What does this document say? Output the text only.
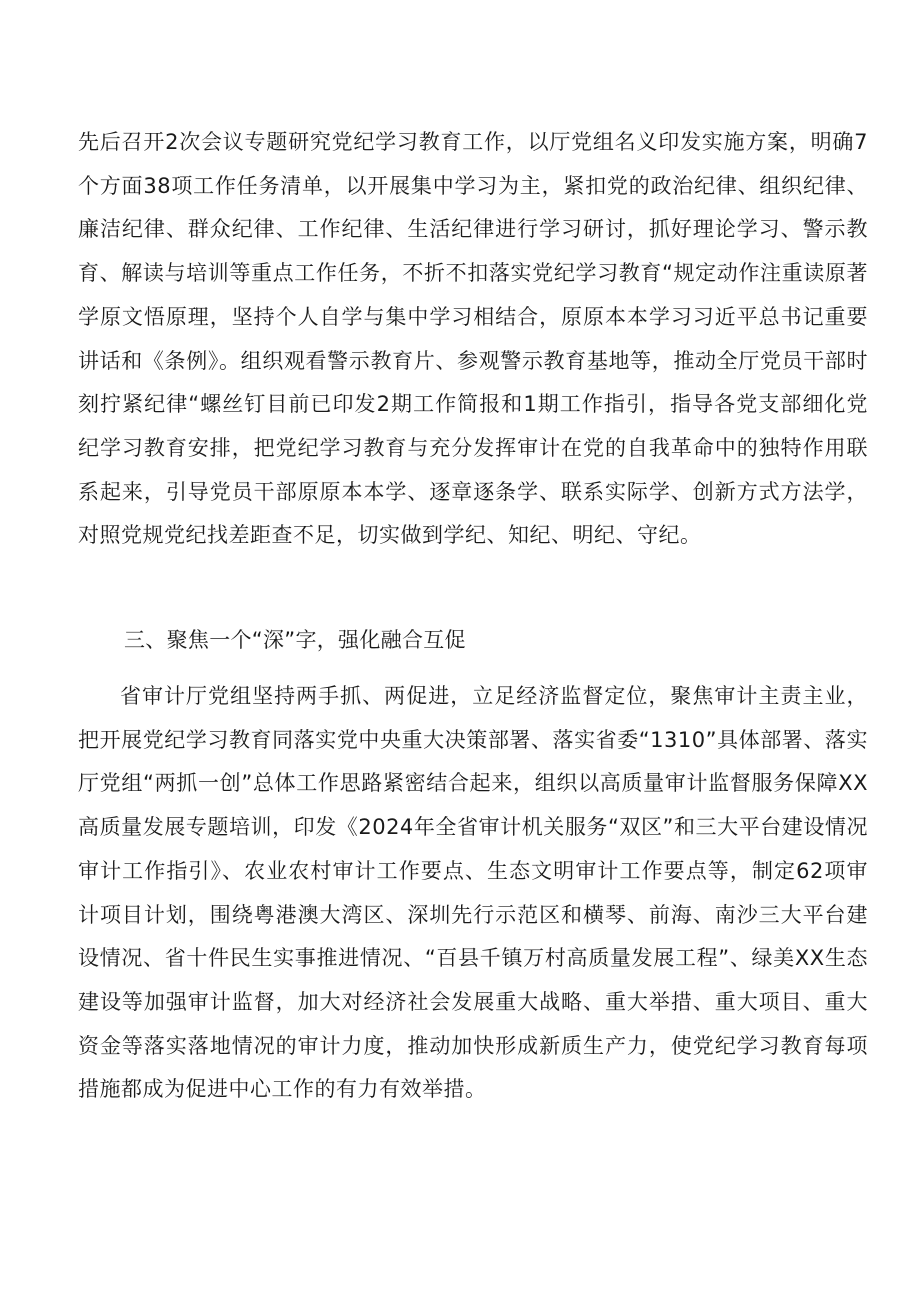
先后召开2次会议专题研究党纪学习教育工作，以厅党组名义印发实施方案，明确7个方面38项工作任务清单，以开展集中学习为主，紧扣党的政治纪律、组织纪律、廉洁纪律、群众纪律、工作纪律、生活纪律进行学习研讨，抓好理论学习、警示教育、解读与培训等重点工作任务，不折不扣落实党纪学习教育“规定动作注重读原著学原文悟原理，坚持个人自学与集中学习相结合，原原本本学习习近平总书记重要讲话和《条例》。组织观看警示教育片、参观警示教育基地等，推动全厅党员干部时刻拧紧纪律“螺丝钉目前已印发2期工作简报和1期工作指引，指导各党支部细化党纪学习教育安排，把党纪学习教育与充分发挥审计在党的自我革命中的独特作用联系起来，引导党员干部原原本本学、逐章逐条学、联系实际学、创新方式方法学，对照党规党纪找差距查不足，切实做到学纪、知纪、明纪、守纪。

三、聚焦一个“深”字，强化融合互促

省审计厅党组坚持两手抓、两促进，立足经济监督定位，聚焦审计主责主业，把开展党纪学习教育同落实党中央重大决策部署、落实省委“1310”具体部署、落实厅党组“两抓一创”总体工作思路紧密结合起来，组织以高质量审计监督服务保障XX高质量发展专题培训，印发《2024年全省审计机关服务“双区”和三大平台建设情况审计工作指引》、农业农村审计工作要点、生态文明审计工作要点等，制定62项审计项目计划，围绕粤港澳大湾区、深圳先行示范区和横琴、前海、南沙三大平台建设情况、省十件民生实事推进情况、“百县千镇万村高质量发展工程”、绿美XX生态建设等加强审计监督，加大对经济社会发展重大战略、重大举措、重大项目、重大资金等落实落地情况的审计力度，推动加快形成新质生产力，使党纪学习教育每项措施都成为促进中心工作的有力有效举措。
